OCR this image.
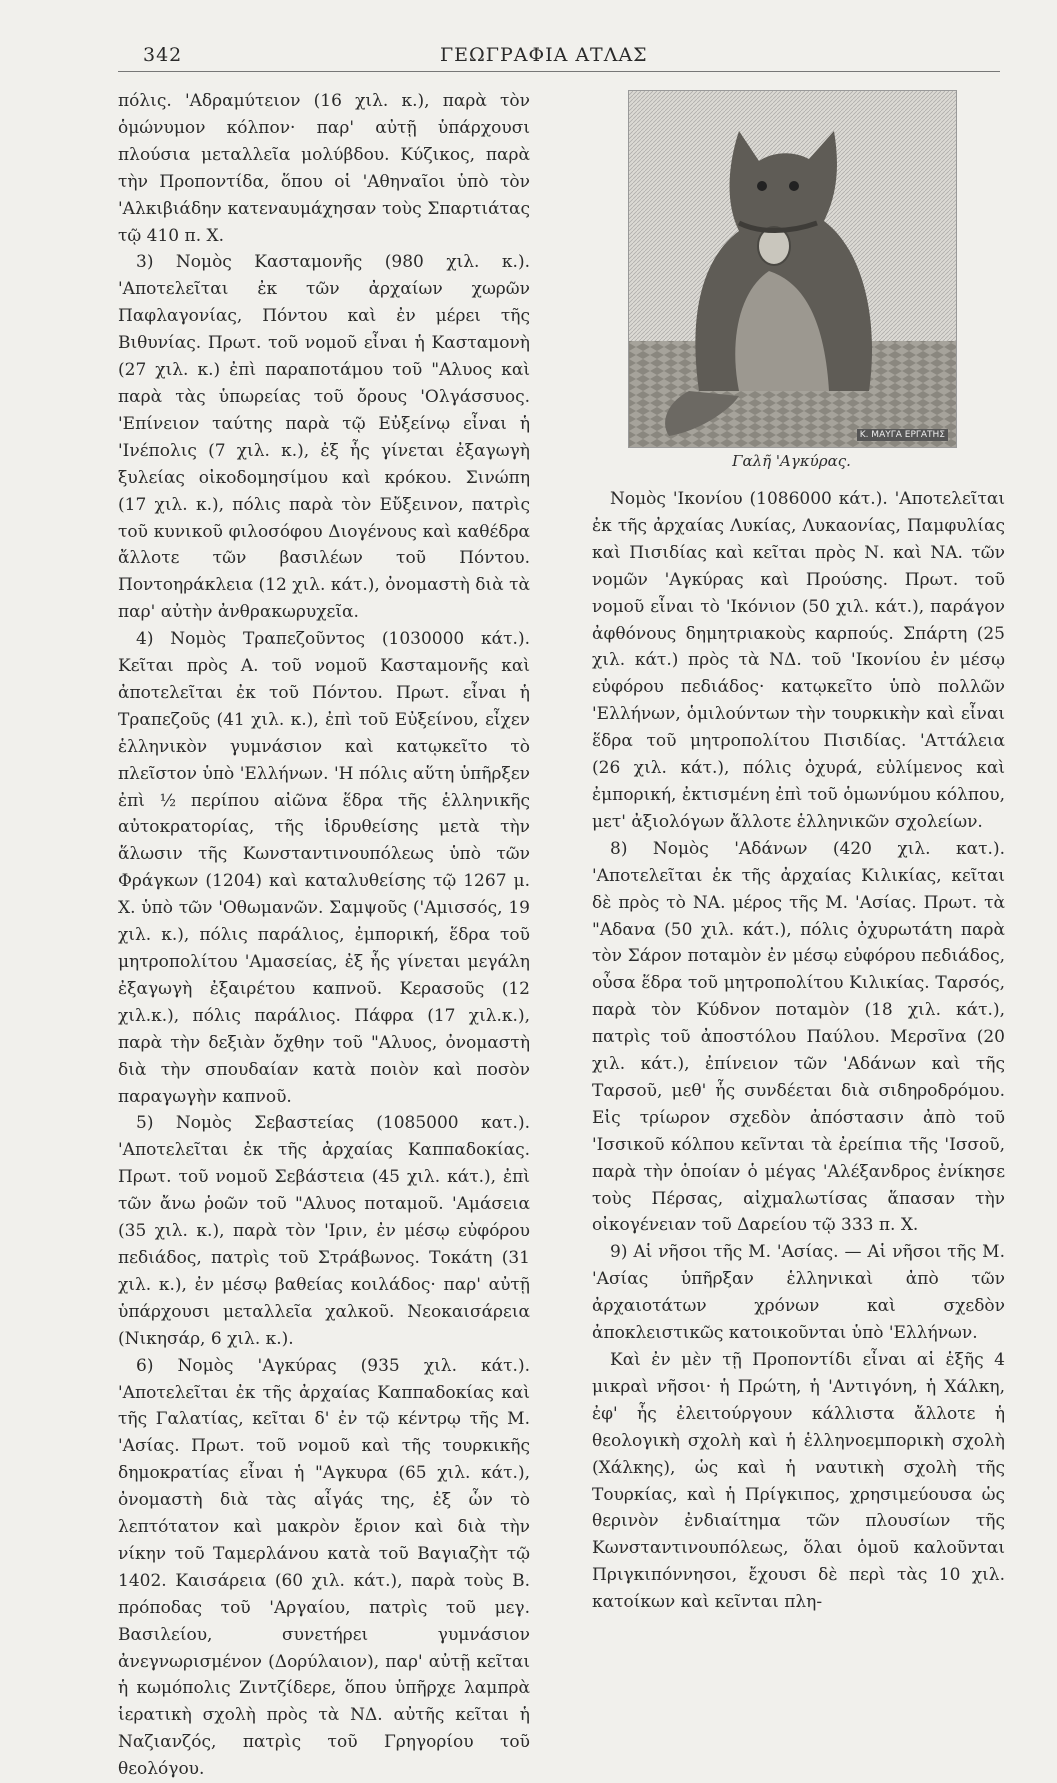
342	ΓΕΩΓΡΑΦΙΑ ΑΤΛΑΣ

πόλις. 'Αδραμύτειον (16 χιλ. κ.), παρὰ τὸν ὁμώνυμον κόλπον· παρ' αὐτῇ ὑπάρχουσι πλούσια μεταλλεῖα μολύβδου. Κύζικος, παρὰ τὴν Προποντίδα, ὅπου οἱ 'Αθηναῖοι ὑπὸ τὸν 'Αλκιβιάδην κατεναυμάχησαν τοὺς Σπαρτιάτας τῷ 410 π. Χ.

3) Νομὸς Κασταμονῆς (980 χιλ. κ.). 'Αποτελεῖται ἐκ τῶν ἀρχαίων χωρῶν Παφλαγονίας, Πόντου καὶ ἐν μέρει τῆς Βιθυνίας. Πρωτ. τοῦ νομοῦ εἶναι ἡ Κασταμονὴ (27 χιλ. κ.) ἐπὶ παραποτάμου τοῦ "Αλυος καὶ παρὰ τὰς ὑπωρείας τοῦ ὄρους 'Ολγάσσυος. 'Επίνειον ταύτης παρὰ τῷ Εὐξείνῳ εἶναι ἡ 'Ινέπολις (7 χιλ. κ.), ἐξ ἧς γίνεται ἐξαγωγὴ ξυλείας οἰκοδομησίμου καὶ κρόκου. Σινώπη (17 χιλ. κ.), πόλις παρὰ τὸν Εὔξεινον, πατρὶς τοῦ κυνικοῦ φιλοσόφου Διογένους καὶ καθέδρα ἄλλοτε τῶν βασιλέων τοῦ Πόντου. Ποντοηράκλεια (12 χιλ. κάτ.), ὀνομαστὴ διὰ τὰ παρ' αὐτὴν ἀνθρακωρυχεῖα.

4) Νομὸς Τραπεζοῦντος (1030000 κάτ.). Κεῖται πρὸς Α. τοῦ νομοῦ Κασταμονῆς καὶ ἀποτελεῖται ἐκ τοῦ Πόντου. Πρωτ. εἶναι ἡ Τραπεζοῦς (41 χιλ. κ.), ἐπὶ τοῦ Εὐξείνου, εἶχεν ἑλληνικὸν γυμνάσιον καὶ κατῳκεῖτο τὸ πλεῖστον ὑπὸ 'Ελλήνων. 'Η πόλις αὕτη ὑπῆρξεν ἐπὶ ½ περίπου αἰῶνα ἕδρα τῆς ἑλληνικῆς αὐτοκρατορίας, τῆς ἱδρυθείσης μετὰ τὴν ἅλωσιν τῆς Κωνσταντινουπόλεως ὑπὸ τῶν Φράγκων (1204) καὶ καταλυθείσης τῷ 1267 μ. Χ. ὑπὸ τῶν 'Οθωμανῶν. Σαμψοῦς ('Αμισσός, 19 χιλ. κ.), πόλις παράλιος, ἐμπορική, ἕδρα τοῦ μητροπολίτου 'Αμασείας, ἐξ ἧς γίνεται μεγάλη ἐξαγωγὴ ἐξαιρέτου καπνοῦ. Κερασοῦς (12 χιλ.κ.), πόλις παράλιος. Πάφρα (17 χιλ.κ.), παρὰ τὴν δεξιὰν ὄχθην τοῦ "Αλυος, ὀνομαστὴ διὰ τὴν σπουδαίαν κατὰ ποιὸν καὶ ποσὸν παραγωγὴν καπνοῦ.

5) Νομὸς Σεβαστείας (1085000 κατ.). 'Αποτελεῖται ἐκ τῆς ἀρχαίας Καππαδοκίας. Πρωτ. τοῦ νομοῦ Σεβάστεια (45 χιλ. κάτ.), ἐπὶ τῶν ἄνω ῥοῶν τοῦ "Αλυος ποταμοῦ. 'Αμάσεια (35 χιλ. κ.), παρὰ τὸν 'Ιριν, ἐν μέσῳ εὐφόρου πεδιάδος, πατρὶς τοῦ Στράβωνος. Τοκάτη (31 χιλ. κ.), ἐν μέσῳ βαθείας κοιλάδος· παρ' αὐτῇ ὑπάρχουσι μεταλλεῖα χαλκοῦ. Νεοκαισάρεια (Νικησάρ, 6 χιλ. κ.).

6) Νομὸς 'Αγκύρας (935 χιλ. κάτ.). 'Αποτελεῖται ἐκ τῆς ἀρχαίας Καππαδοκίας καὶ τῆς Γαλατίας, κεῖται δ' ἐν τῷ κέντρῳ τῆς Μ. 'Ασίας. Πρωτ. τοῦ νομοῦ καὶ τῆς τουρκικῆς δημοκρατίας εἶναι ἡ "Αγκυρα (65 χιλ. κάτ.), ὀνομαστὴ διὰ τὰς αἶγάς της, ἐξ ὧν τὸ λεπτότατον καὶ μακρὸν ἔριον καὶ διὰ τὴν νίκην τοῦ Ταμερλάνου κατὰ τοῦ Βαγιαζὴτ τῷ 1402. Καισάρεια (60 χιλ. κάτ.), παρὰ τοὺς Β. πρόποδας τοῦ 'Αργαίου, πατρὶς τοῦ μεγ. Βασιλείου, συνετήρει γυμνάσιον ἀνεγνωρισμένον (Δορύλαιον), παρ' αὐτῇ κεῖται ἡ κωμόπολις Ζιντζίδερε, ὅπου ὑπῆρχε λαμπρὰ ἱερατικὴ σχολὴ πρὸς τὰ ΝΔ. αὐτῆς κεῖται ἡ Ναζιανζός, πατρὶς τοῦ Γρηγορίου τοῦ θεολόγου.

Κ. ΜΑΥΓΑ ΕΡΓΑΤΗΣ
Γαλῆ 'Αγκύρας.

Νομὸς 'Ικονίου (1086000 κάτ.). 'Αποτελεῖται ἐκ τῆς ἀρχαίας Λυκίας, Λυκαονίας, Παμφυλίας καὶ Πισιδίας καὶ κεῖται πρὸς Ν. καὶ ΝΑ. τῶν νομῶν 'Αγκύρας καὶ Προύσης. Πρωτ. τοῦ νομοῦ εἶναι τὸ 'Ικόνιον (50 χιλ. κάτ.), παράγον ἀφθόνους δημητριακοὺς καρπούς. Σπάρτη (25 χιλ. κάτ.) πρὸς τὰ ΝΔ. τοῦ 'Ικονίου ἐν μέσῳ εὐφόρου πεδιάδος· κατῳκεῖτο ὑπὸ πολλῶν 'Ελλήνων, ὁμιλούντων τὴν τουρκικὴν καὶ εἶναι ἕδρα τοῦ μητροπολίτου Πισιδίας. 'Αττάλεια (26 χιλ. κάτ.), πόλις ὀχυρά, εὐλίμενος καὶ ἐμπορική, ἐκτισμένη ἐπὶ τοῦ ὁμωνύμου κόλπου, μετ' ἀξιολόγων ἄλλοτε ἑλληνικῶν σχολείων.

8) Νομὸς 'Αδάνων (420 χιλ. κατ.). 'Αποτελεῖται ἐκ τῆς ἀρχαίας Κιλικίας, κεῖται δὲ πρὸς τὸ ΝΑ. μέρος τῆς Μ. 'Ασίας. Πρωτ. τὰ "Αδανα (50 χιλ. κάτ.), πόλις ὀχυρωτάτη παρὰ τὸν Σάρον ποταμὸν ἐν μέσῳ εὐφόρου πεδιάδος, οὖσα ἕδρα τοῦ μητροπολίτου Κιλικίας. Ταρσός, παρὰ τὸν Κύδνον ποταμὸν (18 χιλ. κάτ.), πατρὶς τοῦ ἀποστόλου Παύλου. Μερσῖνα (20 χιλ. κάτ.), ἐπίνειον τῶν 'Αδάνων καὶ τῆς Ταρσοῦ, μεθ' ἧς συνδέεται διὰ σιδηροδρόμου. Εἰς τρίωρον σχεδὸν ἀπόστασιν ἀπὸ τοῦ 'Ισσικοῦ κόλπου κεῖνται τὰ ἐρείπια τῆς 'Ισσοῦ, παρὰ τὴν ὁποίαν ὁ μέγας 'Αλέξανδρος ἐνίκησε τοὺς Πέρσας, αἰχμαλωτίσας ἅπασαν τὴν οἰκογένειαν τοῦ Δαρείου τῷ 333 π. Χ.

9) Αἱ νῆσοι τῆς Μ. 'Ασίας. — Αἱ νῆσοι τῆς Μ. 'Ασίας ὑπῆρξαν ἑλληνικαὶ ἀπὸ τῶν ἀρχαιοτάτων χρόνων καὶ σχεδὸν ἀποκλειστικῶς κατοικοῦνται ὑπὸ 'Ελλήνων.

Καὶ ἐν μὲν τῇ Προποντίδι εἶναι αἱ ἑξῆς 4 μικραὶ νῆσοι· ἡ Πρώτη, ἡ 'Αντιγόνη, ἡ Χάλκη, ἐφ' ἧς ἐλειτούργουν κάλλιστα ἄλλοτε ἡ θεολογικὴ σχολὴ καὶ ἡ ἑλληνοεμπορικὴ σχολὴ (Χάλκης), ὡς καὶ ἡ ναυτικὴ σχολὴ τῆς Τουρκίας, καὶ ἡ Πρίγκιπος, χρησιμεύουσα ὡς θερινὸν ἐνδιαίτημα τῶν πλουσίων τῆς Κωνσταντινουπόλεως, ὅλαι ὁμοῦ καλοῦνται Πριγκιπόννησοι, ἔχουσι δὲ περὶ τὰς 10 χιλ. κατοίκων καὶ κεῖνται πλη-
